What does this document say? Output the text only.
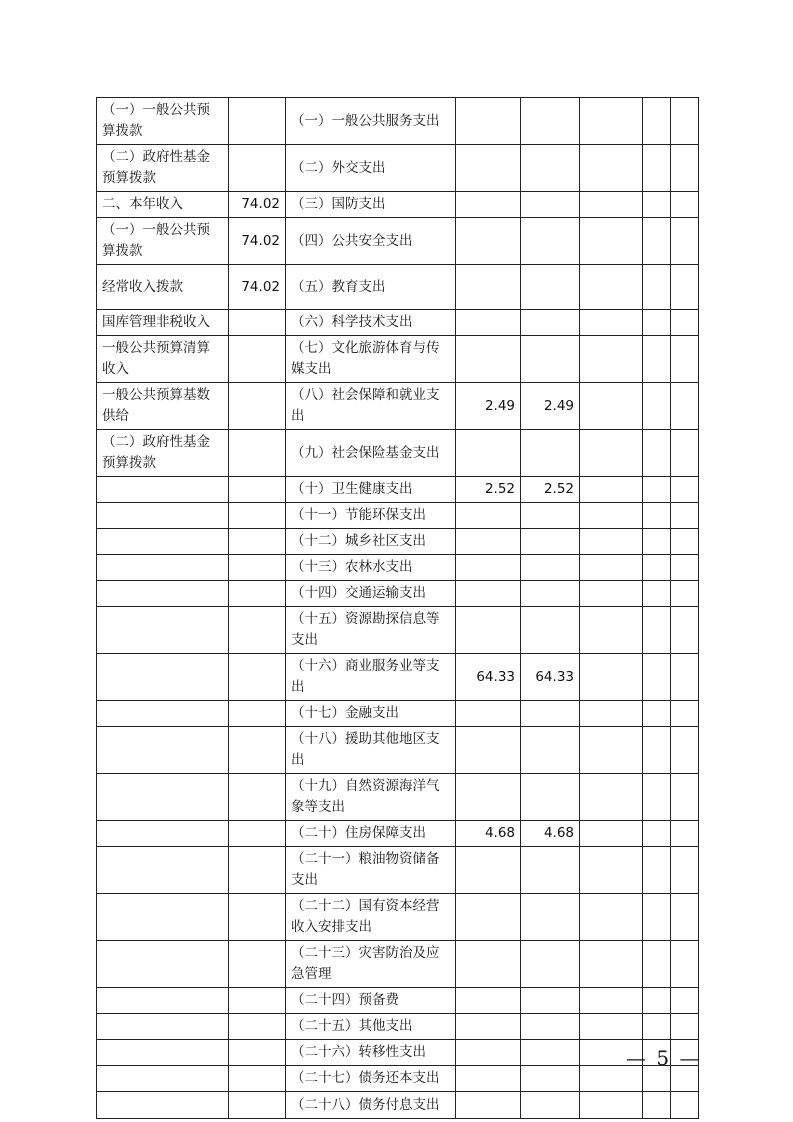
（一）一般公共预算拨款		（一）一般公共服务支出					
（二）政府性基金预算拨款		（二）外交支出					
二、本年收入	74.02	（三）国防支出					
（一）一般公共预算拨款	74.02	（四）公共安全支出					
经常收入拨款	74.02	（五）教育支出					
国库管理非税收入		（六）科学技术支出					
一般公共预算清算收入		（七）文化旅游体育与传媒支出					
一般公共预算基数供给		（八）社会保障和就业支出	2.49	2.49			
（二）政府性基金预算拨款		（九）社会保险基金支出					
		（十）卫生健康支出	2.52	2.52			
		（十一）节能环保支出					
		（十二）城乡社区支出					
		（十三）农林水支出					
		（十四）交通运输支出					
		（十五）资源勘探信息等支出					
		（十六）商业服务业等支出	64.33	64.33			
		（十七）金融支出					
		（十八）援助其他地区支出					
		（十九）自然资源海洋气象等支出					
		（二十）住房保障支出	4.68	4.68			
		（二十一）粮油物资储备支出					
		（二十二）国有资本经营收入安排支出					
		（二十三）灾害防治及应急管理					
		（二十四）预备费					
		（二十五）其他支出					
		（二十六）转移性支出					
		（二十七）债务还本支出					
		（二十八）债务付息支出					
— 5 —
